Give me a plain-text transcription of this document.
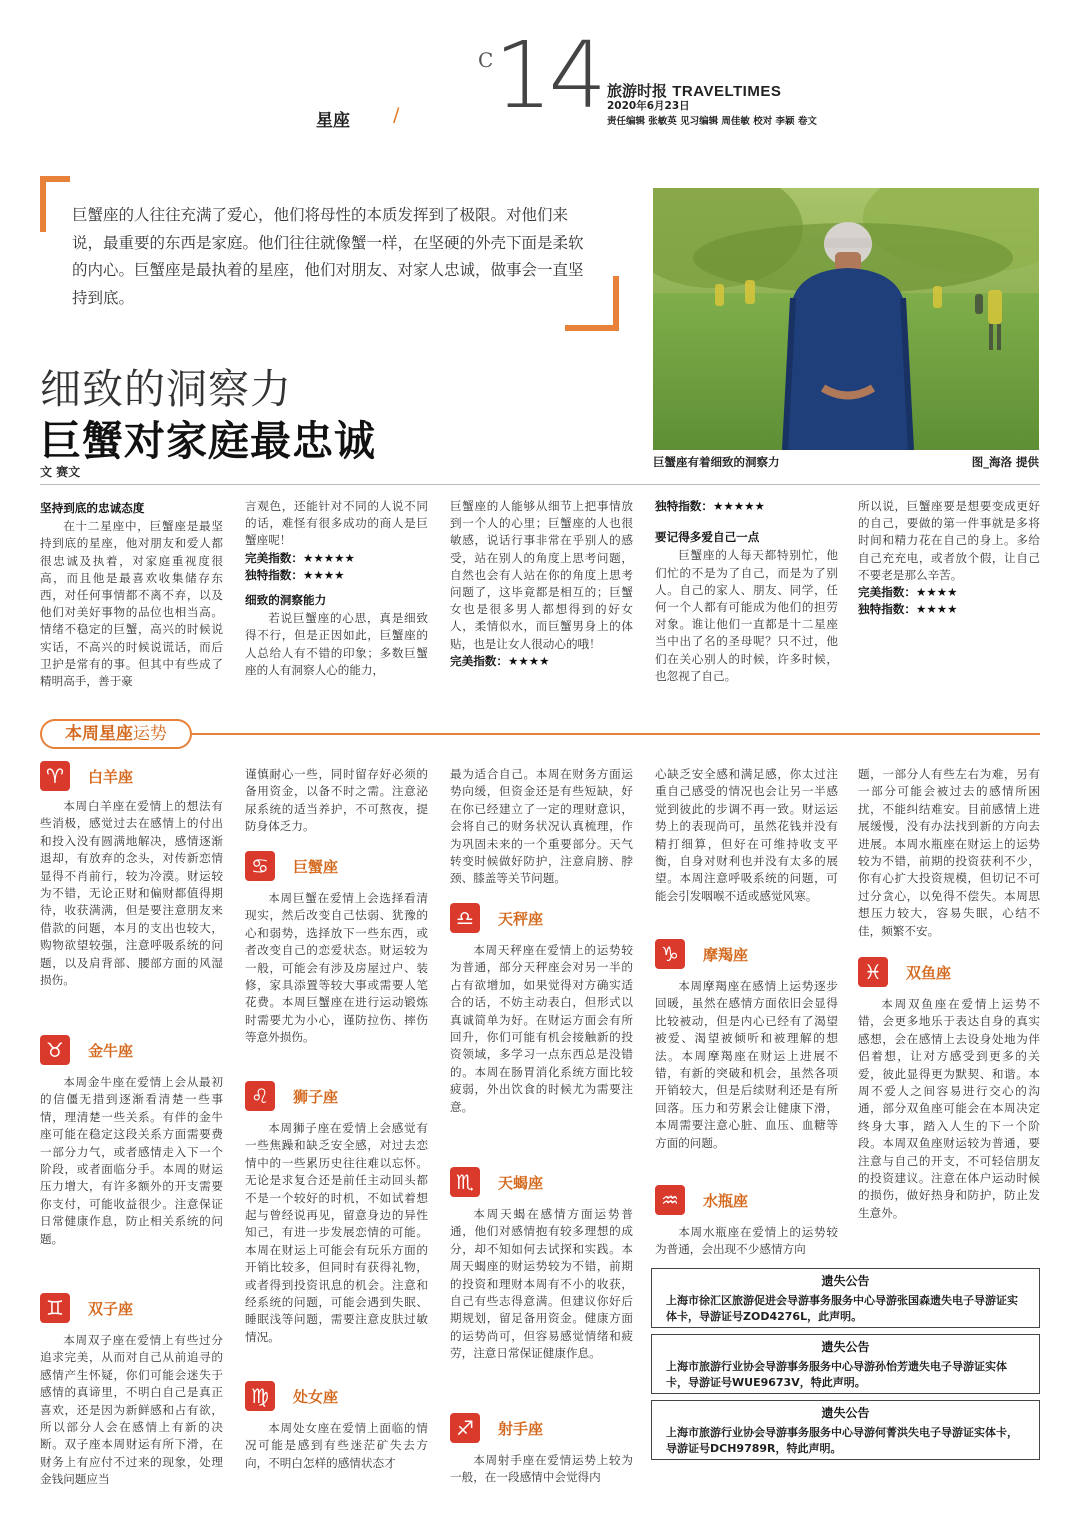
星座 /
C 14 旅游时报 TRAVELTIMES
2020年6月23日
责任编辑 张敏英 见习编辑 周佳敏 校对 李颖 卷文
巨蟹座的人往往充满了爱心，他们将母性的本质发挥到了极限。对他们来说，最重要的东西是家庭。他们往往就像蟹一样，在坚硬的外壳下面是柔软的内心。巨蟹座是最执着的星座，他们对朋友、对家人忠诚，做事会一直坚持到底。
细致的洞察力
巨蟹对家庭最忠诚
文 赛文
巨蟹座有着细致的洞察力	图_海洛 提供
坚持到底的忠诚态度

在十二星座中，巨蟹座是最坚持到底的星座，他对朋友和爱人都很忠诚及执着，对家庭重视度很高，而且他是最喜欢收集储存东西，对任何事情都不离不弃，以及他们对美好事物的品位也相当高。情绪不稳定的巨蟹，高兴的时候说实话，不高兴的时候说谎话，而后卫护是常有的事。但其中有些成了精明高手，善于豪

言观色，还能针对不同的人说不同的话，难怪有很多成功的商人是巨蟹座呢！

完美指数：★★★★★
独特指数：★★★★
细致的洞察能力

若说巨蟹座的心思，真是细致得不行，但是正因如此，巨蟹座的人总给人有不错的印象；多数巨蟹座的人有洞察人心的能力，

巨蟹座的人能够从细节上把事情放到一个人的心里；巨蟹座的人也很敏感，说话行事非常在乎别人的感受，站在别人的角度上思考问题，自然也会有人站在你的角度上思考问题了，这毕竟都是相互的；巨蟹女也是很多男人都想得到的好女人，柔情似水，而巨蟹男身上的体贴，也是让女人很动心的哦！

完美指数：★★★★
独特指数：★★★★★
要记得多爱自己一点

巨蟹座的人每天都特别忙，他们忙的不是为了自己，而是为了别人。自己的家人、朋友、同学，任何一个人都有可能成为他们的担劳对象。谁让他们一直都是十二星座当中出了名的圣母呢？只不过，他们在关心别人的时候，许多时候，也忽视了自己。

所以说，巨蟹座要是想要变成更好的自己，要做的第一件事就是多将时间和精力花在自己的身上。多给自己充充电，或者放个假，让自己不要老是那么辛苦。

完美指数：★★★★
独特指数：★★★★
本周星座运势
♈	白羊座

本周白羊座在爱情上的想法有些消极，感觉过去在感情上的付出和投入没有圆满地解决，感情逐渐退却，有放弃的念头，对传新恋情显得不肖前行，较为冷漠。财运较为不错，无论正财和偏财都值得期待，收获满满，但是要注意朋友来借款的问题，本月的支出也较大，购物欲望较强，注意呼吸系统的问题，以及肩背部、腰部方面的风湿损伤。

♉	金牛座

本周金牛座在爱情上会从最初的信僵无措到逐渐看清楚一些事情，理清楚一些关系。有伴的金牛座可能在稳定这段关系方面需要费一部分力气，或者感情走入下一个阶段，或者面临分手。本周的财运压力增大，有许多额外的开支需要你支付，可能收益很少。注意保证日常健康作息，防止相关系统的问题。

♊	双子座

本周双子座在爱情上有些过分追求完美，从而对自己从前追寻的感情产生怀疑，你们可能会迷失于感情的真谛里，不明白自己是真正喜欢，还是因为新鲜感和占有欲，所以部分人会在感情上有新的决断。双子座本周财运有所下滑，在财务上有应付不过来的现象，处理金钱问题应当

谨慎耐心一些，同时留存好必须的备用资金，以备不时之需。注意泌尿系统的适当养护，不可熬夜，提防身体乏力。

♋	巨蟹座

本周巨蟹在爱情上会选择看清现实，然后改变自己怯弱、犹豫的心和弱势，选择放下一些东西，或者改变自己的恋爱状态。财运较为一般，可能会有涉及房屋过户、装修，家具添置等较大事或需要人笔花费。本周巨蟹座在进行运动锻炼时需要尤为小心，谨防拉伤、摔伤等意外损伤。

♌	狮子座

本周狮子座在爱情上会感觉有一些焦躁和缺乏安全感，对过去恋情中的一些累历史往往难以忘怀。无论是求复合还是前任主动回头都不是一个较好的时机，不如试着想起与曾经说再见，留意身边的异性知己，有进一步发展恋情的可能。本周在财运上可能会有玩乐方面的开销比较多，但同时有获得礼物，或者得到投资讯息的机会。注意和经系统的问题，可能会遇到失眠、睡眠浅等问题，需要注意皮肤过敏情况。

♍	处女座

本周处女座在爱情上面临的情况可能是感到有些迷茫矿失去方向，不明白怎样的感情状态才

最为适合自己。本周在财务方面运势向缓，但资金还是有些短缺，好在你已经建立了一定的理财意识，会将自己的财务状况认真梳理，作为巩固未来的一个重要部分。天气转变时候做好防护，注意肩膀、脖颈、膝盖等关节问题。

♎	天秤座

本周天秤座在爱情上的运势较为普通，部分天秤座会对另一半的占有欲增加，如果觉得对方确实适合的话，不妨主动表白，但形式以真诚简单为好。在财运方面会有所回升，你们可能有机会接触新的投资领域，多学习一点东西总是没错的。本周在肠胃消化系统方面比较疲弱，外出饮食的时候尤为需要注意。

♏	天蝎座

本周天蝎在感情方面运势普通，他们对感情抱有较多理想的成分，却不知如何去试探和实践。本周天蝎座的财运势较为不错，前期的投资和理财本周有不小的收获，自己有些志得意满。但建议你好后期规划，留足备用资金。健康方面的运势尚可，但容易感觉情绪和疲劳，注意日常保证健康作息。

♐	射手座

本周射手座在爱情运势上较为一般，在一段感情中会觉得内

心缺乏安全感和满足感，你太过注重自己感受的情况也会让另一半感觉到彼此的步调不再一致。财运运势上的表现尚可，虽然花钱并没有精打细算，但好在可维持收支平衡，自身对财利也并没有太多的展望。本周注意呼吸系统的问题，可能会引发咽喉不适或感觉风寒。

♑	摩羯座

本周摩羯座在感情上运势逐步回暖，虽然在感情方面依旧会显得比较被动，但是内心已经有了渴望被爱、渴望被倾听和被理解的想法。本周摩羯座在财运上进展不错，有新的突破和机会，虽然各项开销较大，但是后续财利还是有所回落。压力和劳累会让健康下滑，本周需要注意心脏、血压、血糖等方面的问题。

♒	水瓶座

本周水瓶座在爱情上的运势较为普通，会出现不少感情方向

题，一部分人有些左右为难，另有一部分可能会被过去的感情所困扰，不能纠结难安。目前感情上进展缓慢，没有办法找到新的方向去进展。本周水瓶座在财运上的运势较为不错，前期的投资获利不少，你有心扩大投资规模，但切记不可过分贪心，以免得不偿失。本周思想压力较大，容易失眠，心结不佳，频繁不安。

♓	双鱼座

本周双鱼座在爱情上运势不错，会更多地乐于表达自身的真实感想，会在感情上去设身处地为伴侣着想，让对方感受到更多的关爱，彼此显得更为默契、和谐。本周不爱人之间容易进行交心的沟通，部分双鱼座可能会在本周决定终身大事，踏入人生的下一个阶段。本周双鱼座财运较为普通，要注意与自己的开支，不可轻信朋友的投资建议。注意在体户运动时候的损伤，做好热身和防护，防止发生意外。

遗失公告
上海市徐汇区旅游促进会导游事务服务中心导游张国森遗失电子导游证实体卡，导游证号ZOD4276L，此声明。
遗失公告
上海市旅游行业协会导游事务服务中心导游孙怡芳遗失电子导游证实体卡，导游证号WUE9673V，特此声明。
遗失公告
上海市旅游行业协会导游事务服务中心导游何菁洪失电子导游证实体卡，导游证号DCH9789R，特此声明。
